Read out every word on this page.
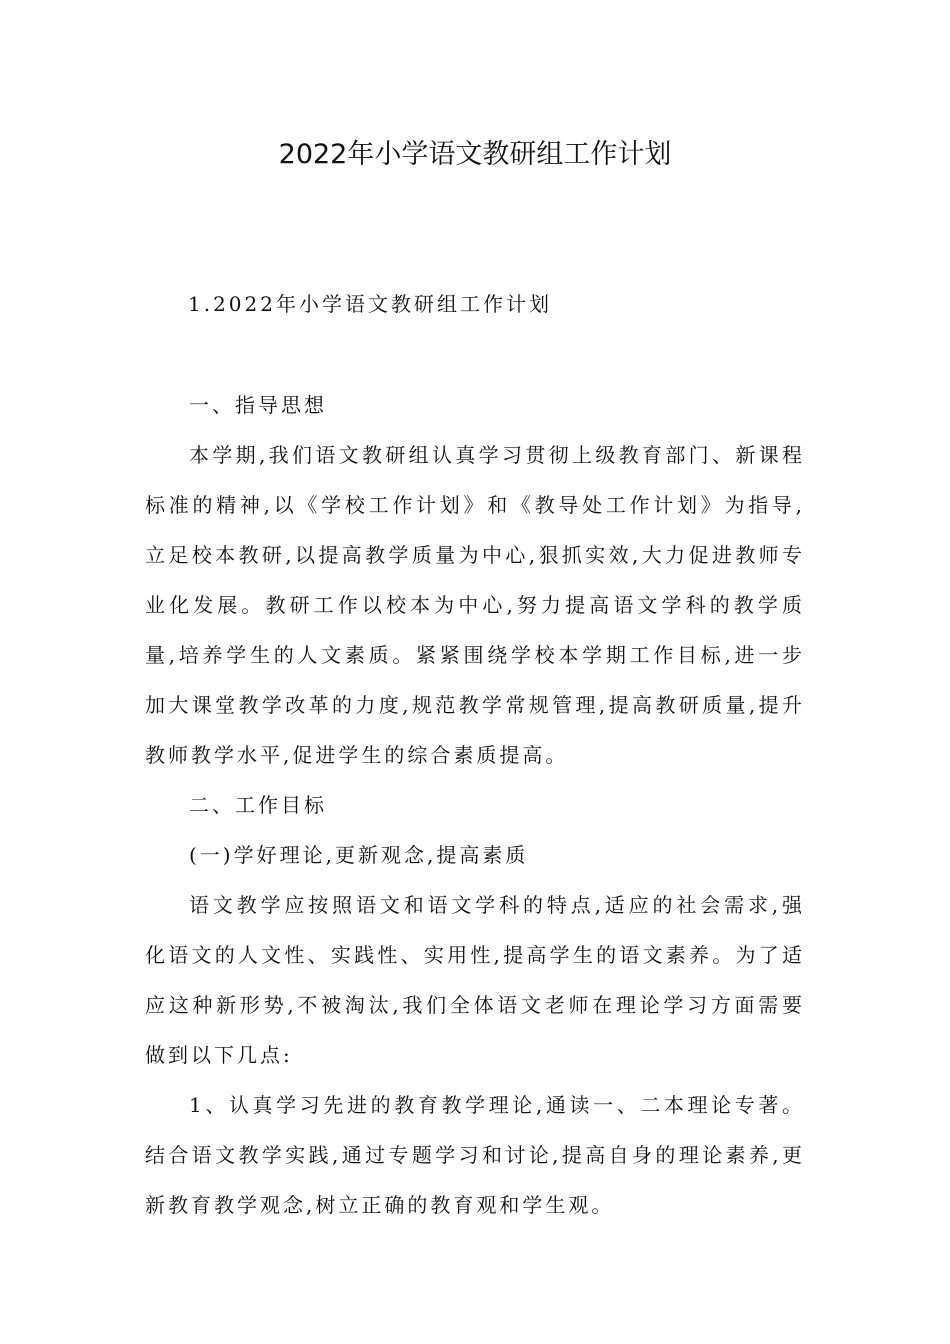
2022年小学语文教研组工作计划
1.2022年小学语文教研组工作计划

一、指导思想

本学期,我们语文教研组认真学习贯彻上级教育部门、新课程标准的精神,以《学校工作计划》和《教导处工作计划》为指导,立足校本教研,以提高教学质量为中心,狠抓实效,大力促进教师专业化发展。教研工作以校本为中心,努力提高语文学科的教学质量,培养学生的人文素质。紧紧围绕学校本学期工作目标,进一步加大课堂教学改革的力度,规范教学常规管理,提高教研质量,提升教师教学水平,促进学生的综合素质提高。

二、工作目标

(一)学好理论,更新观念,提高素质

语文教学应按照语文和语文学科的特点,适应的社会需求,强化语文的人文性、实践性、实用性,提高学生的语文素养。为了适应这种新形势,不被淘汰,我们全体语文老师在理论学习方面需要做到以下几点:

1、认真学习先进的教育教学理论,通读一、二本理论专著。结合语文教学实践,通过专题学习和讨论,提高自身的理论素养,更新教育教学观念,树立正确的教育观和学生观。
